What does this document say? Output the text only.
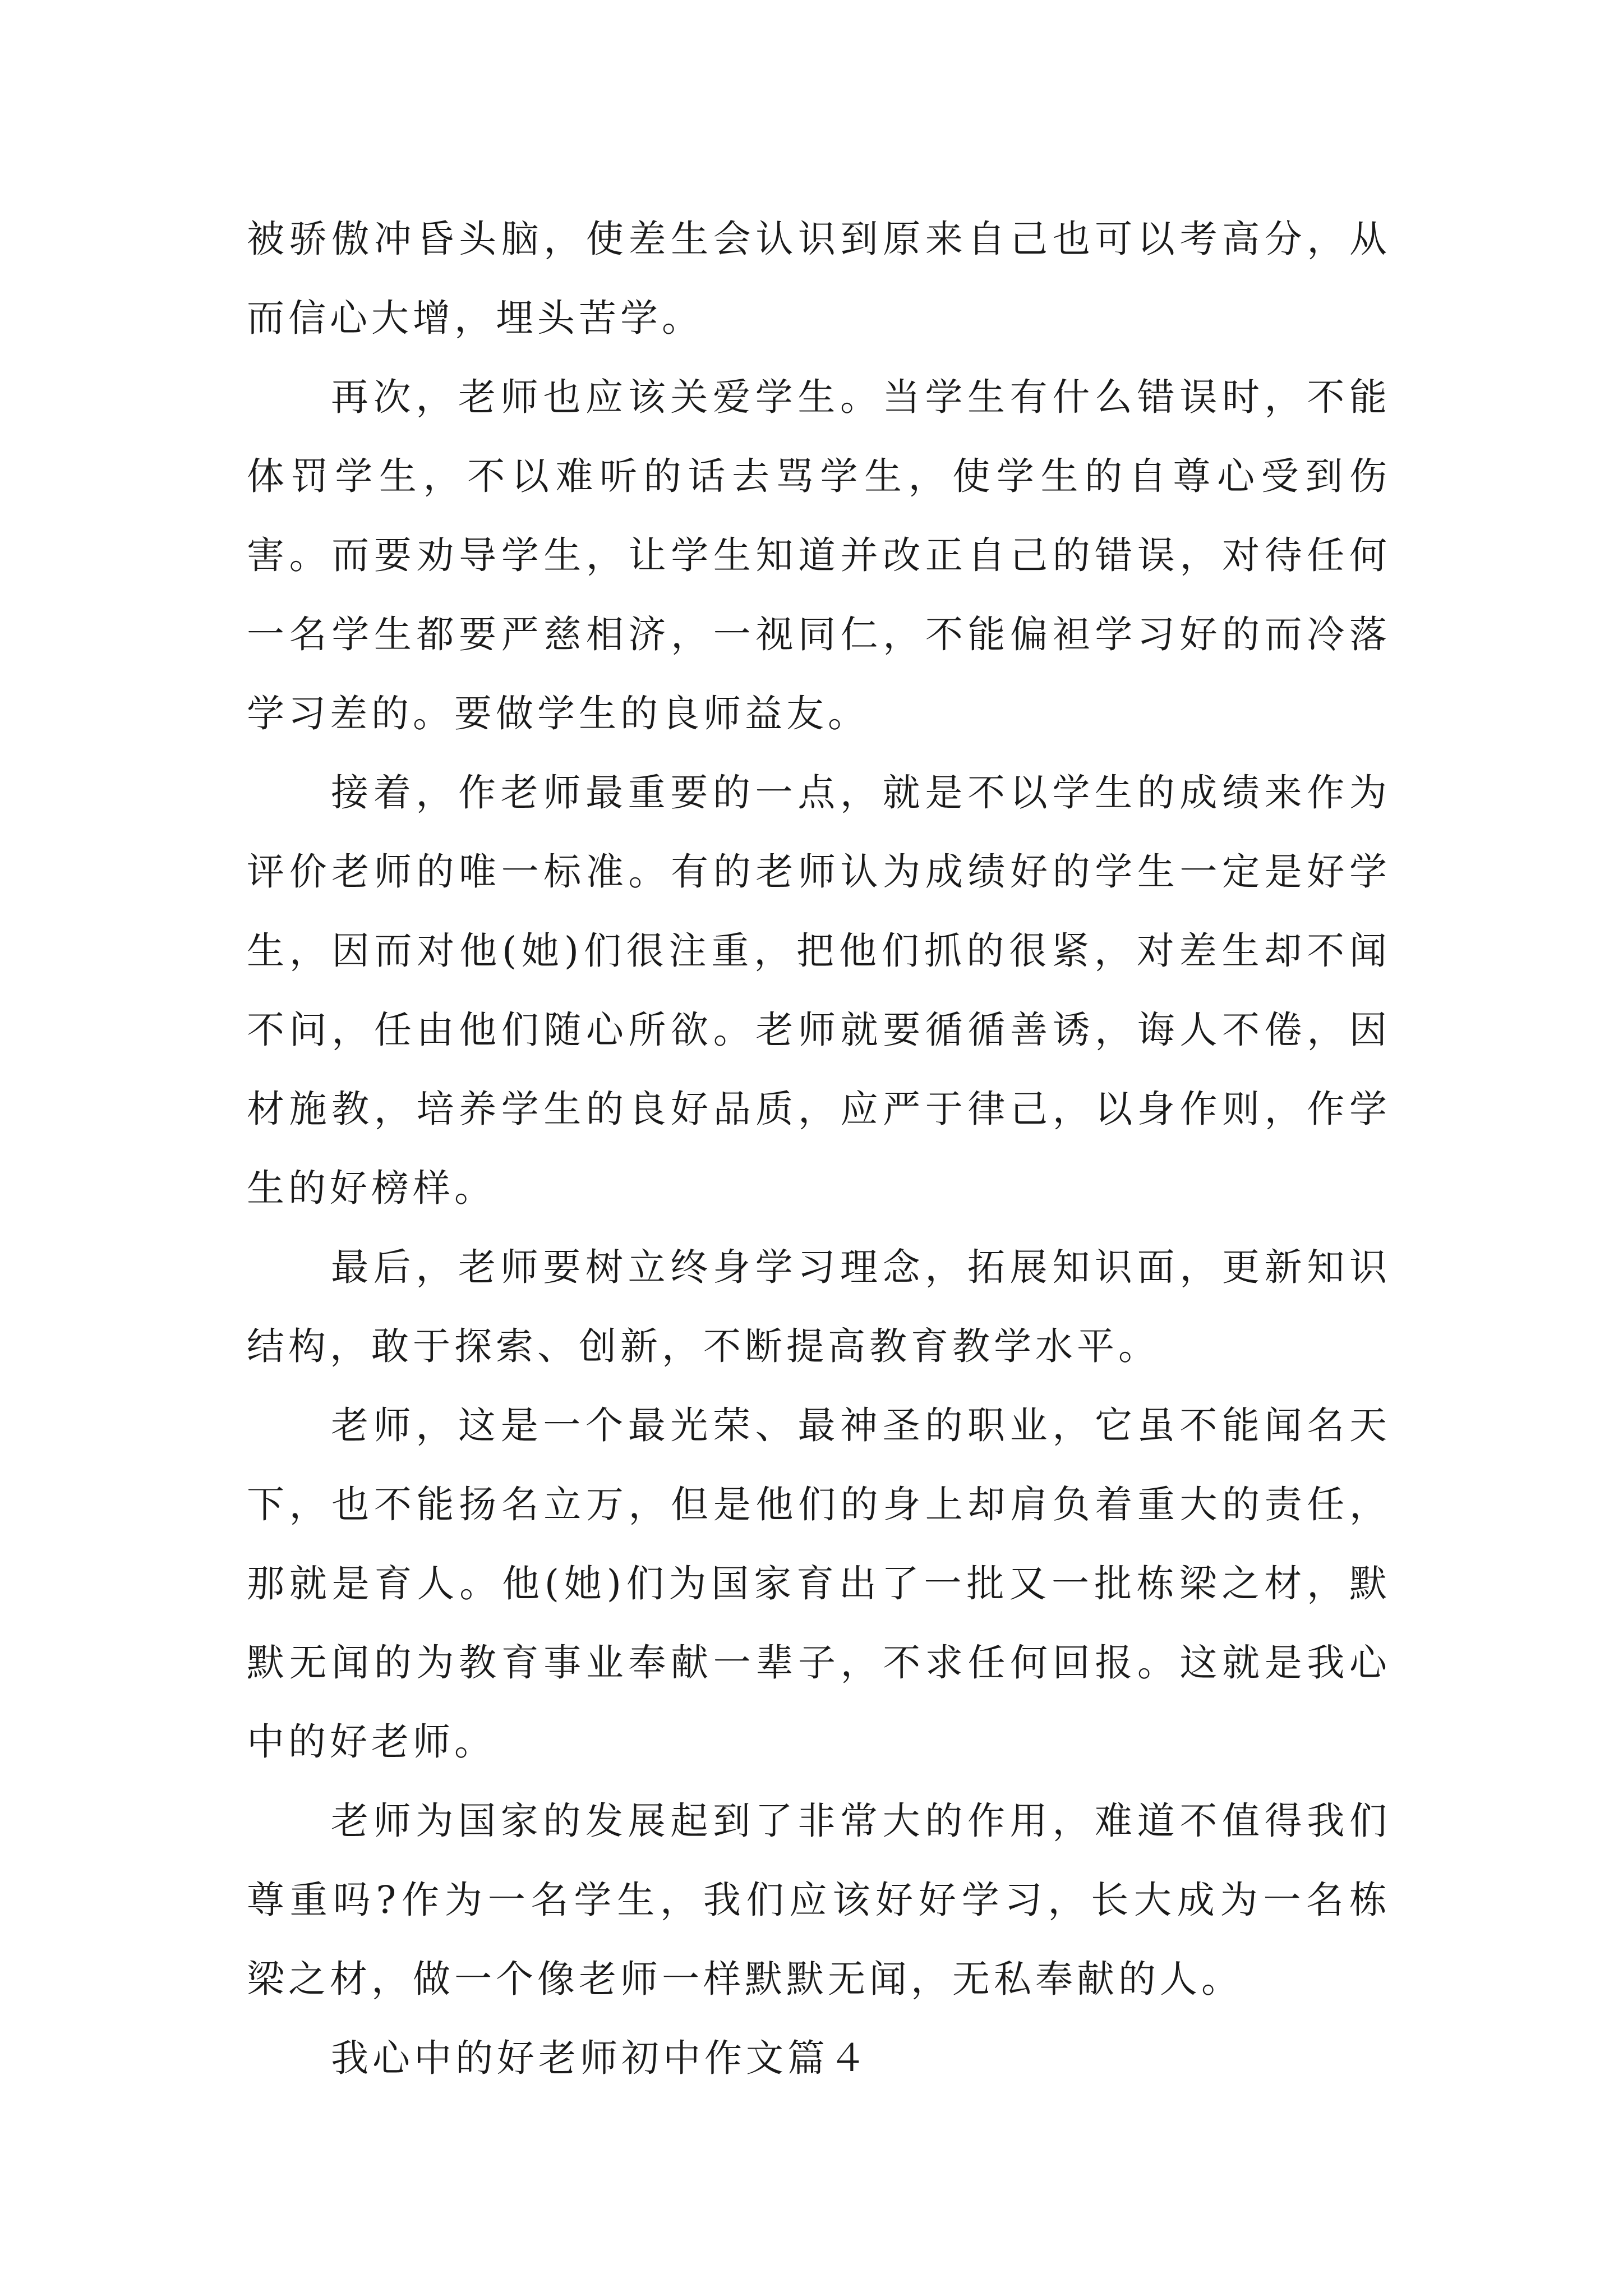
被骄傲冲昏头脑，使差生会认识到原来自己也可以考高分，从而信心大增，埋头苦学。

再次，老师也应该关爱学生。当学生有什么错误时，不能体罚学生，不以难听的话去骂学生，使学生的自尊心受到伤害。而要劝导学生，让学生知道并改正自己的错误，对待任何一名学生都要严慈相济，一视同仁，不能偏袒学习好的而冷落学习差的。要做学生的良师益友。

接着，作老师最重要的一点，就是不以学生的成绩来作为评价老师的唯一标准。有的老师认为成绩好的学生一定是好学生，因而对他(她)们很注重，把他们抓的很紧，对差生却不闻不问，任由他们随心所欲。老师就要循循善诱，诲人不倦，因材施教，培养学生的良好品质，应严于律己，以身作则，作学生的好榜样。

最后，老师要树立终身学习理念，拓展知识面，更新知识结构，敢于探索、创新，不断提高教育教学水平。

老师，这是一个最光荣、最神圣的职业，它虽不能闻名天下，也不能扬名立万，但是他们的身上却肩负着重大的责任，那就是育人。他(她)们为国家育出了一批又一批栋梁之材，默默无闻的为教育事业奉献一辈子，不求任何回报。这就是我心中的好老师。

老师为国家的发展起到了非常大的作用，难道不值得我们尊重吗?作为一名学生，我们应该好好学习，长大成为一名栋梁之材，做一个像老师一样默默无闻，无私奉献的人。

我心中的好老师初中作文篇４
